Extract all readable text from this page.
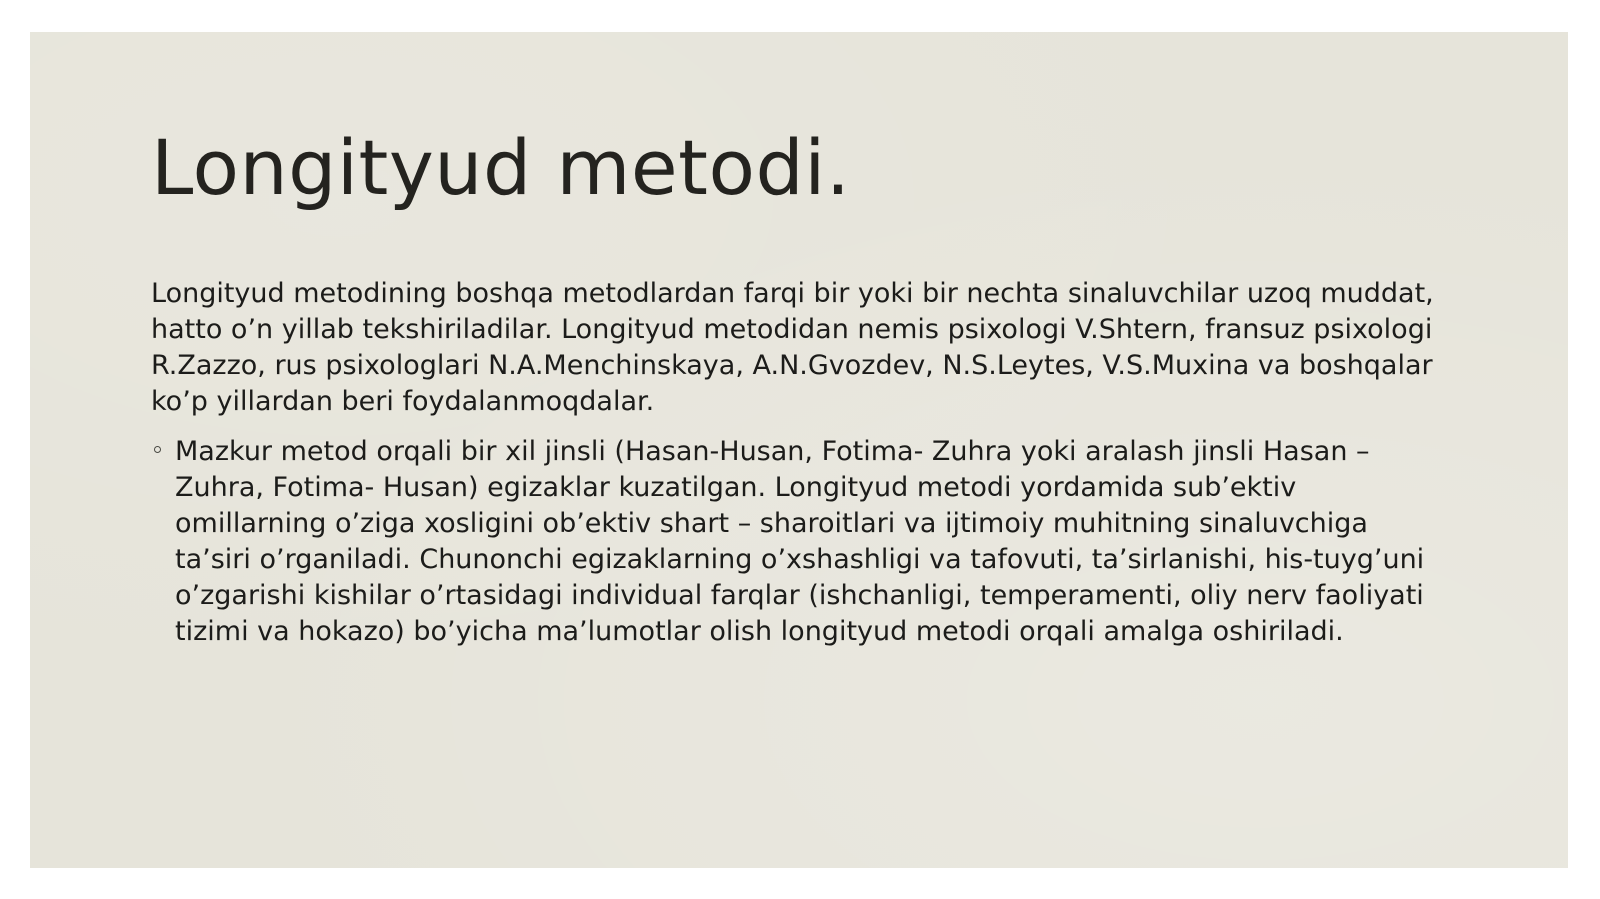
Longityud metodi.

Longityud metodining boshqa metodlardan farqi bir yoki bir nechta sinaluvchilar uzoq muddat, hatto o’n yillab tekshiriladilar. Longityud metodidan nemis psixologi V.Shtern, fransuz psixologi R.Zazzo, rus psixologlari N.A.Menchinskaya, A.N.Gvozdev, N.S.Leytes, V.S.Muxina va boshqalar ko’p yillardan beri foydalanmoqdalar.

Mazkur metod orqali bir xil jinsli (Hasan-Husan, Fotima- Zuhra yoki aralash jinsli Hasan – Zuhra, Fotima- Husan) egizaklar kuzatilgan. Longityud metodi yordamida sub’ektiv omillarning o’ziga xosligini ob’ektiv shart – sharoitlari va ijtimoiy muhitning sinaluvchiga ta’siri o’rganiladi. Chunonchi egizaklarning o’xshashligi va tafovuti, ta’sirlanishi, his-tuyg’uni o’zgarishi kishilar o’rtasidagi individual farqlar (ishchanligi, temperamenti, oliy nerv faoliyati tizimi va hokazo) bo’yicha ma’lumotlar olish longityud metodi orqali amalga oshiriladi.
